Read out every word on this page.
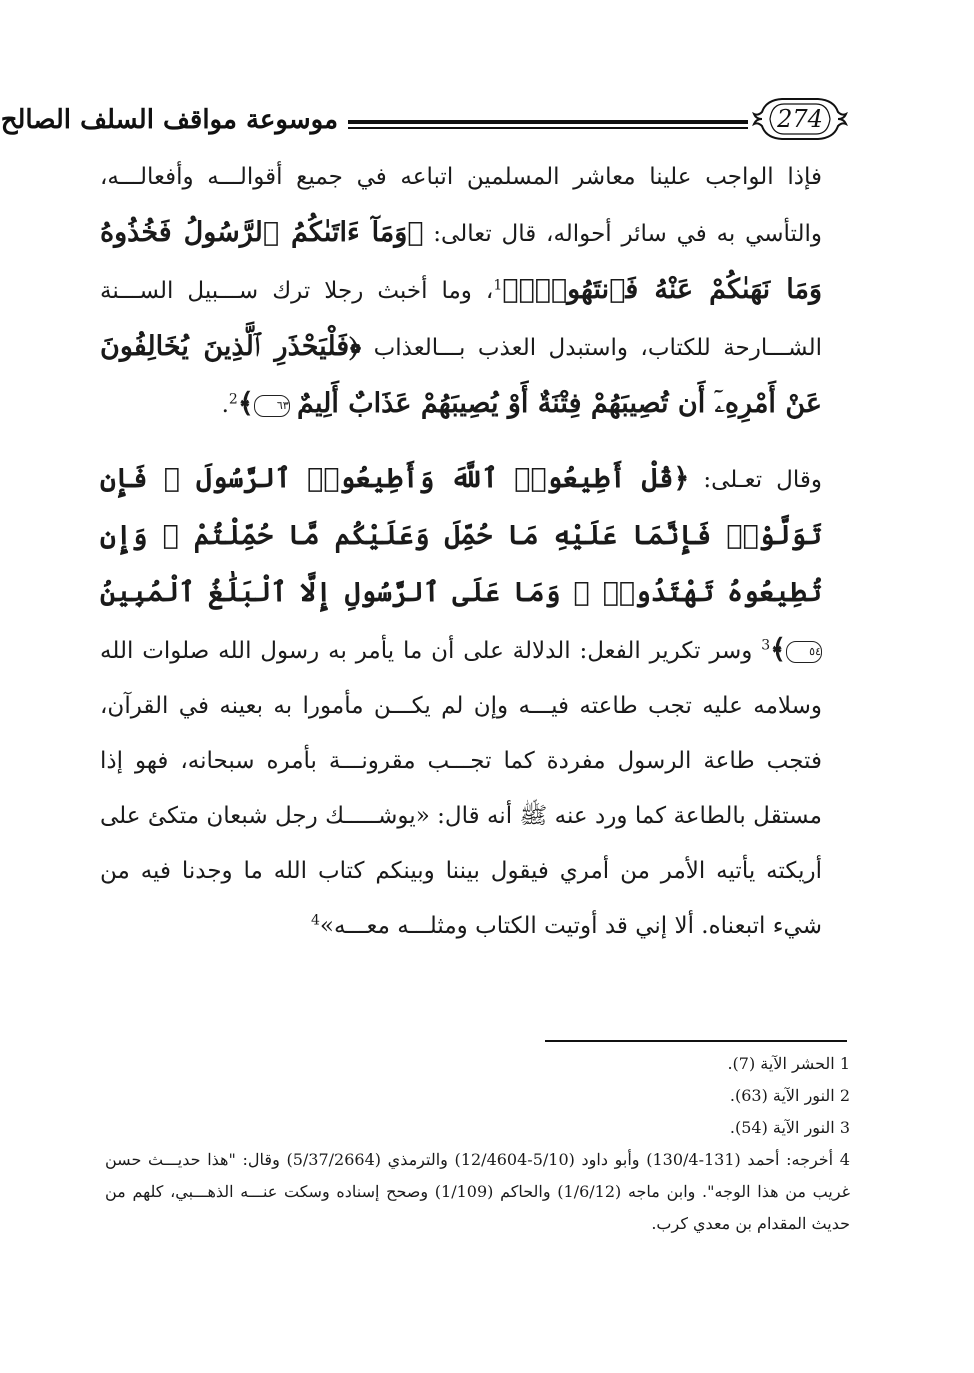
موسوعة مواقف السلف الصالح	274

فإذا الواجب علينا معاشر المسلمين اتباعه في جميع أقوالـــه وأفعالـــه، والتأسي به في سائر أحواله، قال تعالى: ﴿وَمَآ ءَاتَىٰكُمُ ٱلرَّسُولُ فَخُذُوهُ وَمَا نَهَىٰكُمْ عَنْهُ فَٱنتَهُوا۟ۚ﴾$^1$، وما أخبث رجلا ترك ســـبيل الســـنة الشـــارحة للكتاب، واستبدل العذب بـــالعذاب ﴿فَلْيَحْذَرِ ٱلَّذِينَ يُخَالِفُونَ عَنْ أَمْرِهِۦٓ أَن تُصِيبَهُمْ فِتْنَةٌ أَوْ يُصِيبَهُمْ عَذَابٌ أَلِيمٌ ٦٣﴾$^2$.

وقال تعـلى: ﴿قُلْ أَطِيعُوا۟ ٱللَّهَ وَأَطِيعُوا۟ ٱلرَّسُولَ ۖ فَإِن تَوَلَّوْا۟ فَإِنَّمَا عَلَيْهِ مَا حُمِّلَ وَعَلَيْكُم مَّا حُمِّلْتُمْ ۖ وَإِن تُطِيعُوهُ تَهْتَدُوا۟ ۚ وَمَا عَلَى ٱلرَّسُولِ إِلَّا ٱلْبَلَٰغُ ٱلْمُبِينُ ٥٤﴾$^3$ وسر تكرير الفعل: الدلالة على أن ما يأمر به رسول الله صلوات الله وسلامه عليه تجب طاعته فيـــه وإن لم يكـــن مأمورا به بعينه في القرآن، فتجب طاعة الرسول مفردة كما تجـــب مقرونـــة بأمره سبحانه، فهو إذا مستقل بالطاعة كما ورد عنه ﷺ أنه قال: «يوشـــــك رجل شبعان متكئ على أريكته يأتيه الأمر من أمري فيقول بيننا وبينكم كتاب الله ما وجدنا فيه من شيء اتبعناه. ألا إني قد أوتيت الكتاب ومثلـــه معـــه»$^4$

1 الحشر الآية (7).

2 النور الآية (63).

3 النور الآية (54).

4 أخرجه: أحمد (131-130/4) وأبو داود (5/10-12/4604) والترمذي (5/37/2664) وقال: "هذا حديـــث حسن غريب من هذا الوجه". وابن ماجه (1/6/12) والحاكم (1/109) وصحح إسناده وسكت عنـــه الذهـــبي، كلهم من حديث المقدام بن معدي كرب.
